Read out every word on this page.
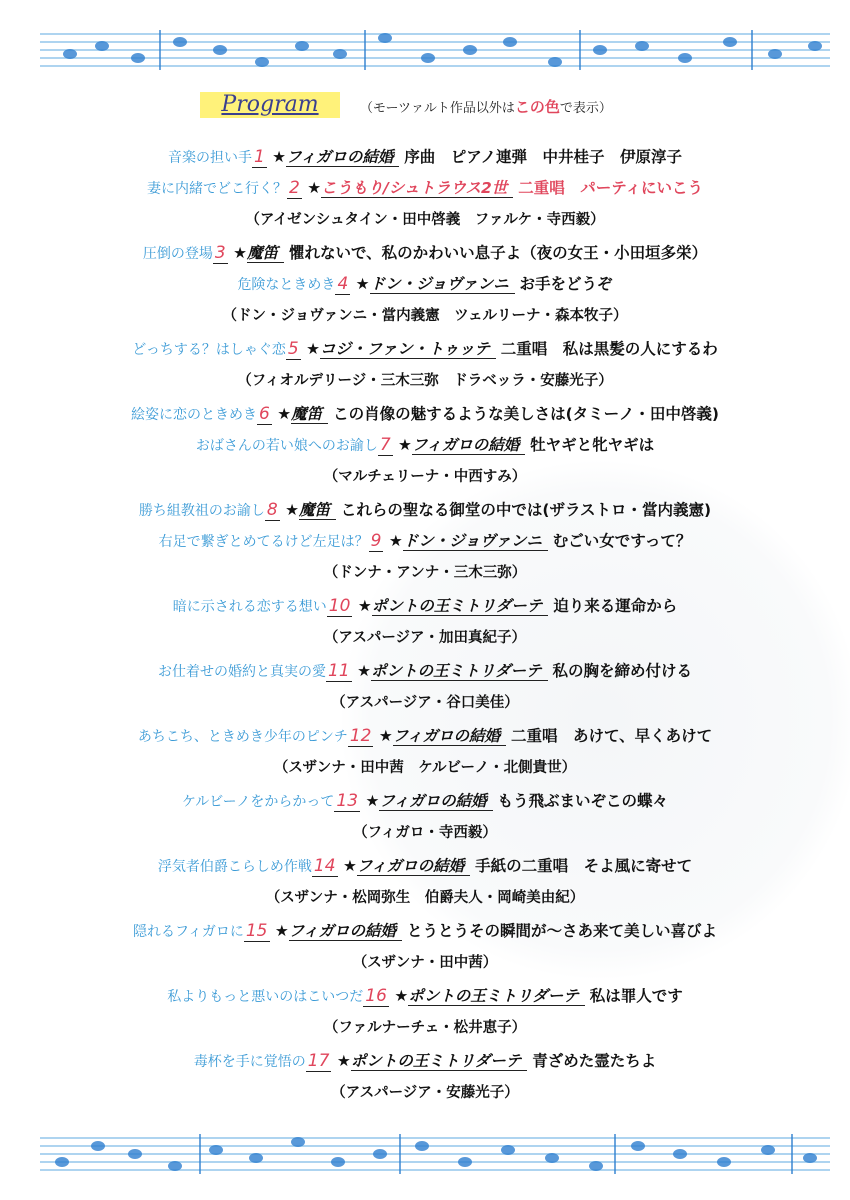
Program	（モーツァルト作品以外はこの色で表示）
音楽の担い手 1 ★フィガロの結婚 序曲　ピアノ連弾　中井桂子　伊原淳子
妻に内緒でどこ行く？ 2 ★こうもり/シュトラウス2世 二重唱　パーティにいこう
（アイゼンシュタイン・田中啓義　ファルケ・寺西毅）
圧倒の登場 3 ★魔笛 懼れないで、私のかわいい息子よ（夜の女王・小田垣多栄）
危険なときめき 4 ★ドン・ジョヴァンニ お手をどうぞ
（ドン・ジョヴァンニ・當内義憲　ツェルリーナ・森本牧子）
どっちする？はしゃぐ恋 5 ★コジ・ファン・トゥッテ 二重唱　私は黒髪の人にするわ
（フィオルデリージ・三木三弥　ドラベッラ・安藤光子）
絵姿に恋のときめき 6 ★魔笛 この肖像の魅するような美しさは(タミーノ・田中啓義)
おばさんの若い娘へのお諭し 7 ★フィガロの結婚 牡ヤギと牝ヤギは
（マルチェリーナ・中西すみ）
勝ち組教祖のお諭し 8 ★魔笛 これらの聖なる御堂の中では(ザラストロ・當内義憲)
右足で繋ぎとめてるけど左足は？ 9 ★ドン・ジョヴァンニ むごい女ですって？
（ドンナ・アンナ・三木三弥）
暗に示される恋する想い 10 ★ポントの王ミトリダーテ 迫り来る運命から
（アスパージア・加田真紀子）
お仕着せの婚約と真実の愛 11 ★ポントの王ミトリダーテ 私の胸を締め付ける
（アスパージア・谷口美佳）
あちこち、ときめき少年のピンチ 12 ★フィガロの結婚 二重唱　あけて、早くあけて
（スザンナ・田中茜　ケルビーノ・北側貴世）
ケルビーノをからかって 13 ★フィガロの結婚 もう飛ぶまいぞこの蝶々
（フィガロ・寺西毅）
浮気者伯爵こらしめ作戦 14 ★フィガロの結婚 手紙の二重唱　そよ風に寄せて
（スザンナ・松岡弥生　伯爵夫人・岡崎美由紀）
隠れるフィガロに 15 ★フィガロの結婚 とうとうその瞬間が～さあ来て美しい喜びよ
（スザンナ・田中茜）
私よりもっと悪いのはこいつだ 16 ★ポントの王ミトリダーテ 私は罪人です
（ファルナーチェ・松井恵子）
毒杯を手に覚悟の 17 ★ポントの王ミトリダーテ 青ざめた霊たちよ
（アスパージア・安藤光子）
